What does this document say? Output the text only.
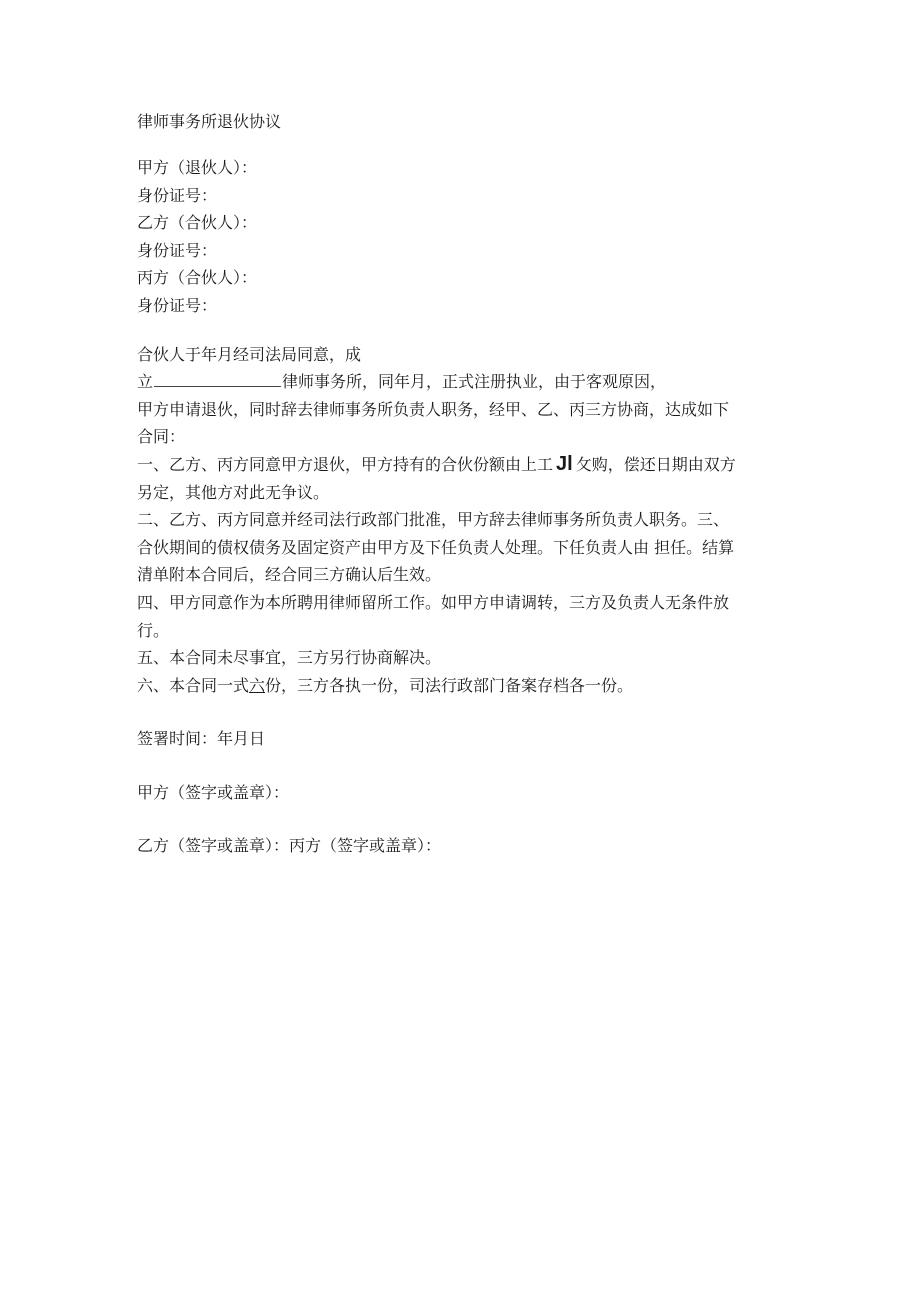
律师事务所退伙协议
甲方（退伙人）：
身份证号：
乙方（合伙人）：
身份证号：
丙方（合伙人）：
身份证号：
合伙人于年月经司法局同意，成
立	律师事务所，同年月，正式注册执业，由于客观原因，
甲方申请退伙，同时辞去律师事务所负责人职务，经甲、乙、丙三方协商，达成如下
合同：
一、乙方、丙方同意甲方退伙，甲方持有的合伙份额由上工 Jl 攵购，偿还日期由双方
另定，其他方对此无争议。
二、乙方、丙方同意并经司法行政部门批准，甲方辞去律师事务所负责人职务。三、
合伙期间的债权债务及固定资产由甲方及下任负责人处理。下任负责人由 担任。结算
清单附本合同后，经合同三方确认后生效。
四、甲方同意作为本所聘用律师留所工作。如甲方申请调转，三方及负责人无条件放
行。
五、本合同未尽事宜，三方另行协商解决。
六、本合同一式六份，三方各执一份，司法行政部门备案存档各一份。
签署时间：年月日
甲方（签字或盖章）：
乙方（签字或盖章）：丙方（签字或盖章）：
